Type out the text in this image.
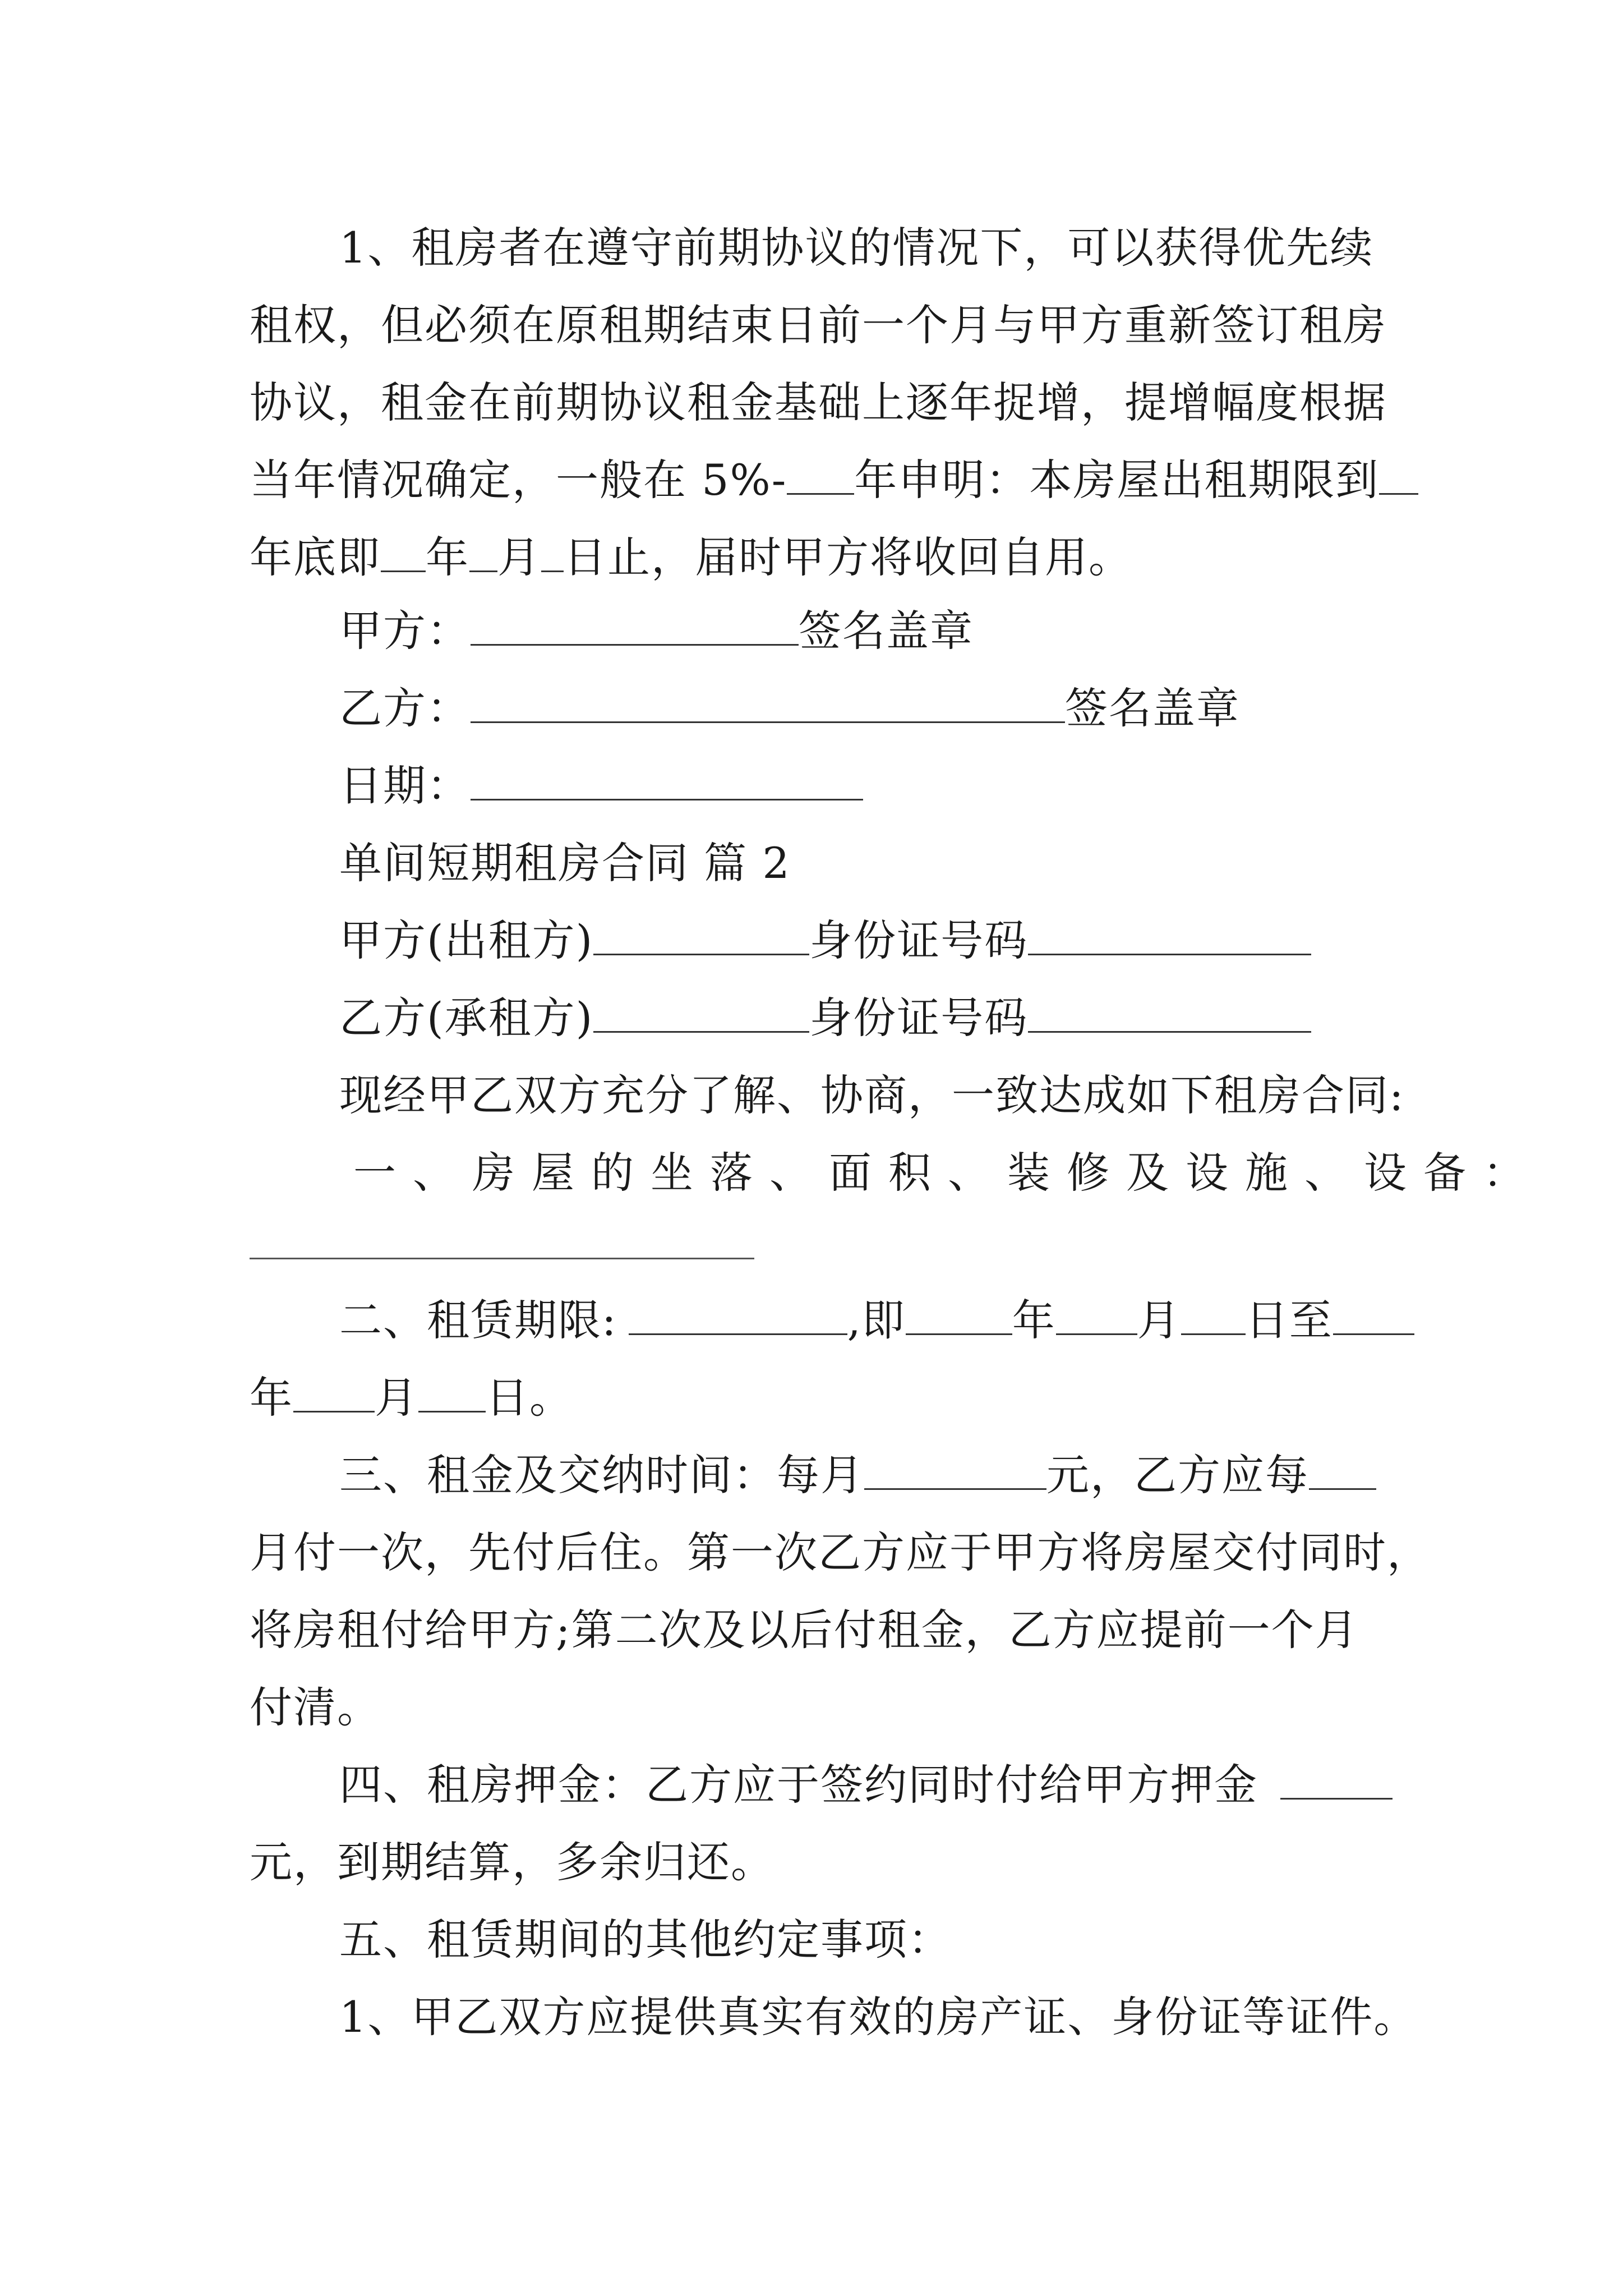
1、租房者在遵守前期协议的情况下，可以获得优先续
租权，但必须在原租期结束日前一个月与甲方重新签订租房
协议，租金在前期协议租金基础上逐年捉增，提增幅度根据
当年情况确定，一般在 5%- 年申明：本房屋出租期限到
年底即 年 月 日止，届时甲方将收回自用。
甲方：	签名盖章
乙方：	签名盖章
日期：
单间短期租房合同 篇 2
甲方(出租方)	身份证号码
乙方(承租方)	身份证号码
现经甲乙双方充分了解、协商，一致达成如下租房合同:
一、房屋的坐落、面积、装修及设施、设备：
二、租赁期限:	,即	年 月 日至
年 月 日。
三、租金及交纳时间：每月	元，乙方应每
月付一次，先付后住。第一次乙方应于甲方将房屋交付同时，
将房租付给甲方;第二次及以后付租金，乙方应提前一个月
付清。
四、租房押金：乙方应于签约同时付给甲方押金
元，到期结算，多余归还。
五、租赁期间的其他约定事项：
1、甲乙双方应提供真实有效的房产证、身份证等证件。
